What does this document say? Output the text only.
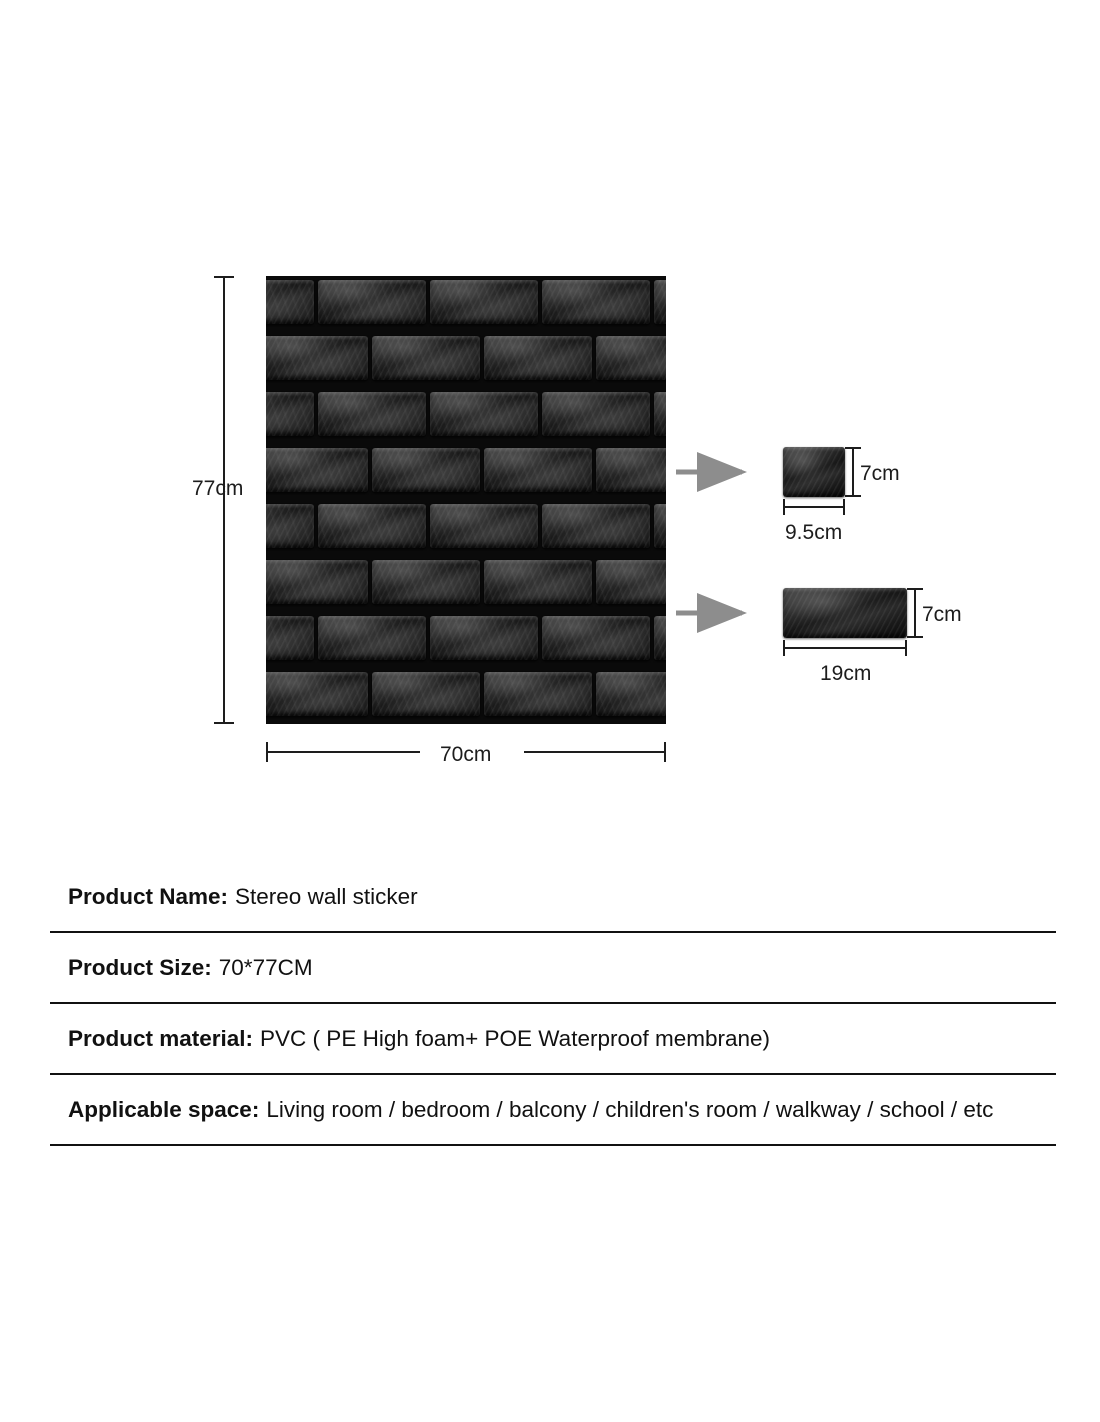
77cm
70cm
7cm
9.5cm
7cm
19cm
Product Name: Stereo wall sticker
Product Size: 70*77CM
Product material: PVC ( PE High foam+ POE Waterproof membrane)
Applicable space: Living room / bedroom / balcony / children's room / walkway / school / etc
